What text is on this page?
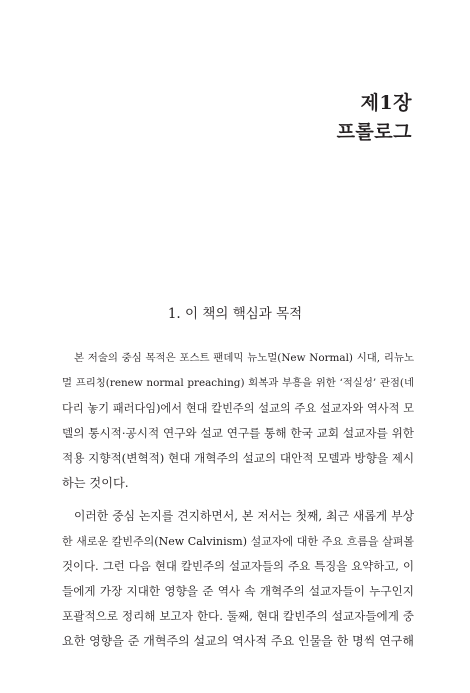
제1장
프롤로그
1. 이 책의 핵심과 목적
본 저술의 중심 목적은 포스트 팬데믹 뉴노멀(New Normal) 시대, 리뉴노
멀 프리칭(renew normal preaching) 회복과 부흥을 위한 ‘적실성’ 관점(네
다리 놓기 패러다임)에서 현대 칼빈주의 설교의 주요 설교자와 역사적 모
델의 통시적·공시적 연구와 설교 연구를 통해 한국 교회 설교자를 위한
적용 지향적(변혁적) 현대 개혁주의 설교의 대안적 모델과 방향을 제시
하는 것이다.
이러한 중심 논지를 견지하면서, 본 저서는 첫째, 최근 새롭게 부상
한 새로운 칼빈주의(New Calvinism) 설교자에 대한 주요 흐름을 살펴볼
것이다. 그런 다음 현대 칼빈주의 설교자들의 주요 특징을 요약하고, 이
들에게 가장 지대한 영향을 준 역사 속 개혁주의 설교자들이 누구인지
포괄적으로 정리해 보고자 한다. 둘째, 현대 칼빈주의 설교자들에게 중
요한 영향을 준 개혁주의 설교의 역사적 주요 인물을 한 명씩 연구해
